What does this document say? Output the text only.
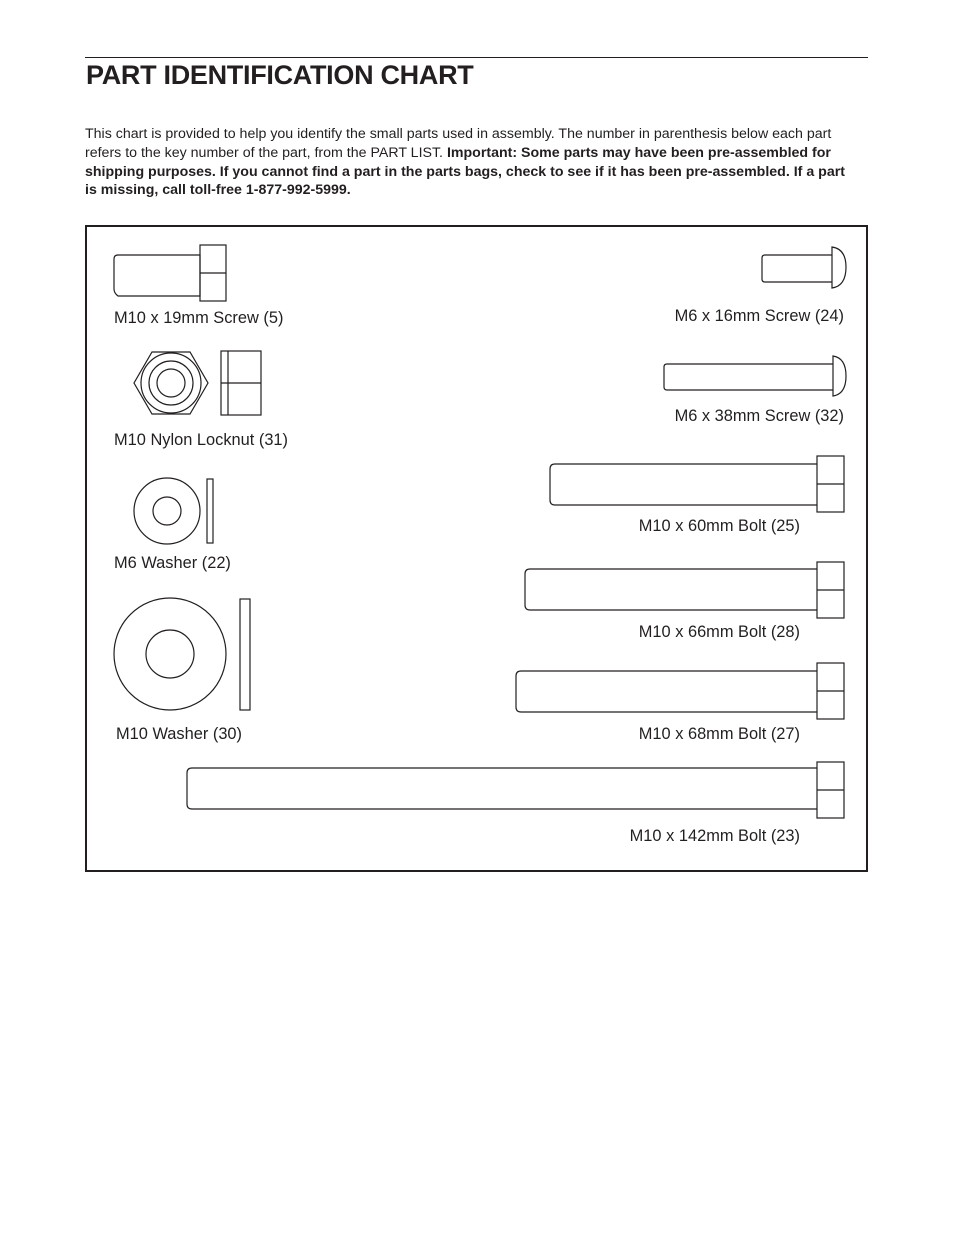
PART IDENTIFICATION CHART

This chart is provided to help you identify the small parts used in assembly. The number in parenthesis below each part refers to the key number of the part, from the PART LIST. Important: Some parts may have been pre-assembled for shipping purposes. If you cannot find a part in the parts bags, check to see if it has been pre-assembled. If a part is missing, call toll-free 1-877-992-5999.

M10 x 19mm Screw (5)
M10 Nylon Locknut (31)
M6 Washer (22)
M10 Washer (30)
M6 x 16mm Screw (24)
M6 x 38mm Screw (32)
M10 x 60mm Bolt (25)
M10 x 66mm Bolt (28)
M10 x 68mm Bolt (27)
M10 x 142mm Bolt (23)
